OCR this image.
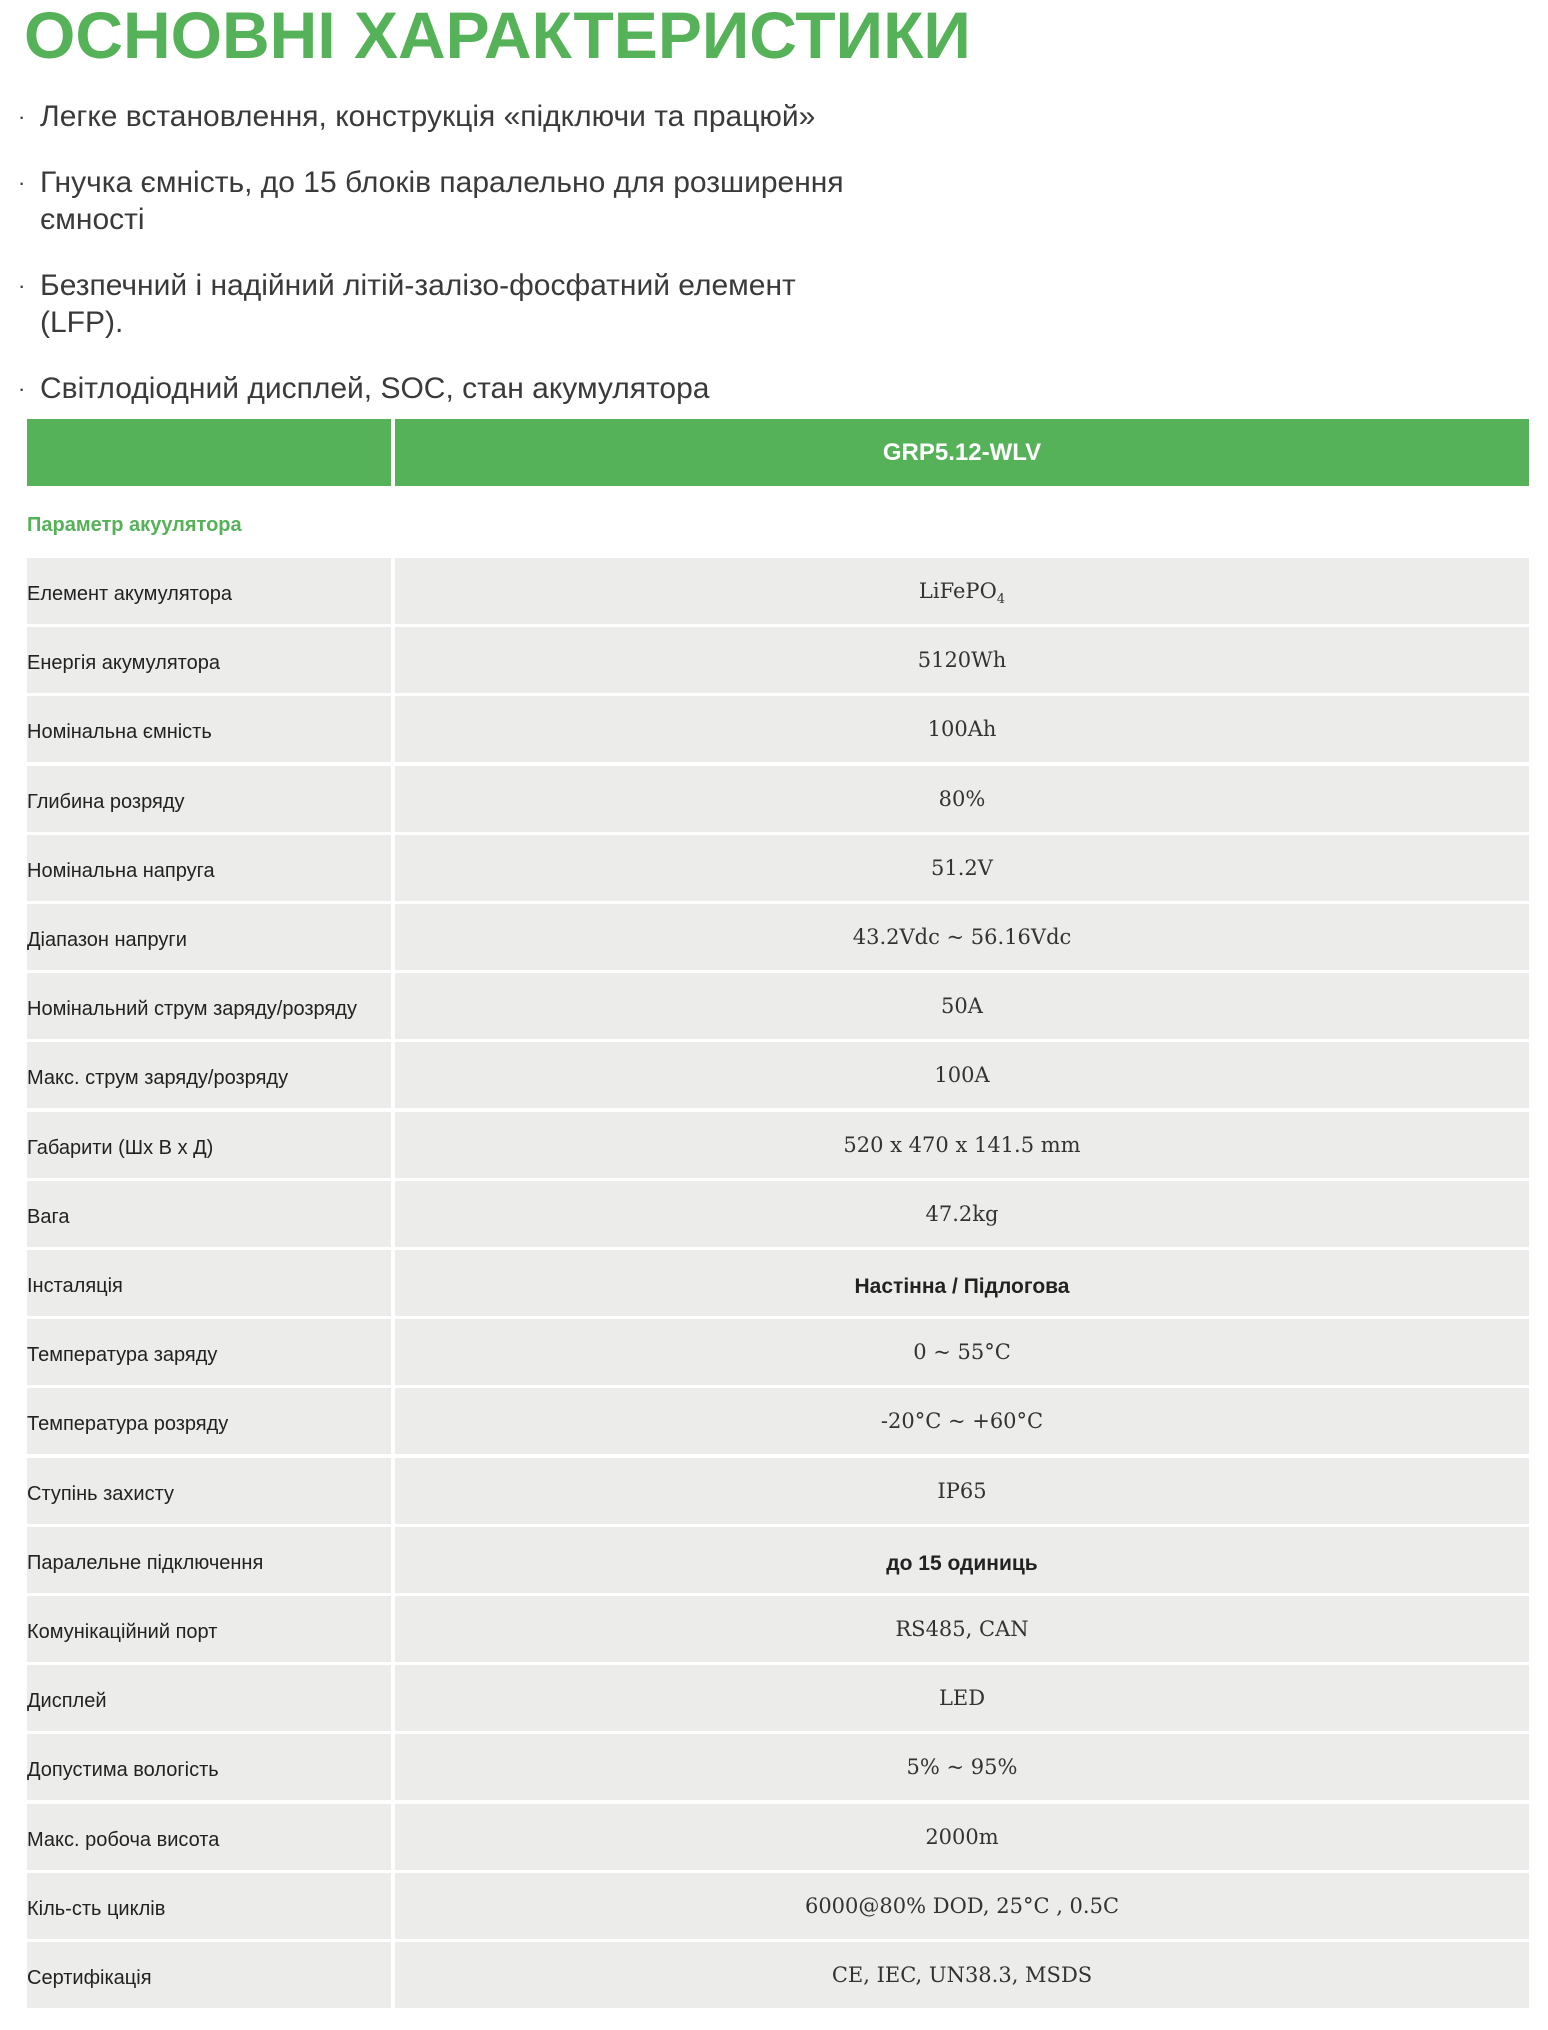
ОСНОВНІ ХАРАКТЕРИСТИКИ
· Легке встановлення, конструкція «підключи та працюй»
· Гнучка ємність, до 15 блоків паралельно для розширення
ємності
· Безпечний і надійний літій-залізо-фосфатний елемент
(LFP).
· Світлодіодний дисплей, SOC, стан акумулятора
GRP5.12-WLV
Параметр акуулятора
Елемент акумулятора	LiFePO$_4$
Енергія акумулятора	5120Wh
Номінальна ємність	100Ah
Глибина розряду	80%
Номінальна напруга	51.2V
Діапазон напруги	43.2Vdc ~ 56.16Vdc
Номінальний струм заряду/розряду	50A
Макс. струм заряду/розряду	100A
Габарити (Шх В х Д)	520 x 470 x 141.5 mm
Вага	47.2kg
Інсталяція	Настінна / Підлогова
Температура заряду	0 ~ 55°C
Температура розряду	-20°C ~ +60°C
Ступінь захисту	IP65
Паралельне підключення	до 15 одиниць
Комунікаційний порт	RS485, CAN
Дисплей	LED
Допустима вологість	5% ~ 95%
Макс. робоча висота	2000m
Кіль-сть циклів	6000@80% DOD, 25°C , 0.5C
Сертифікація	CE, IEC, UN38.3, MSDS
